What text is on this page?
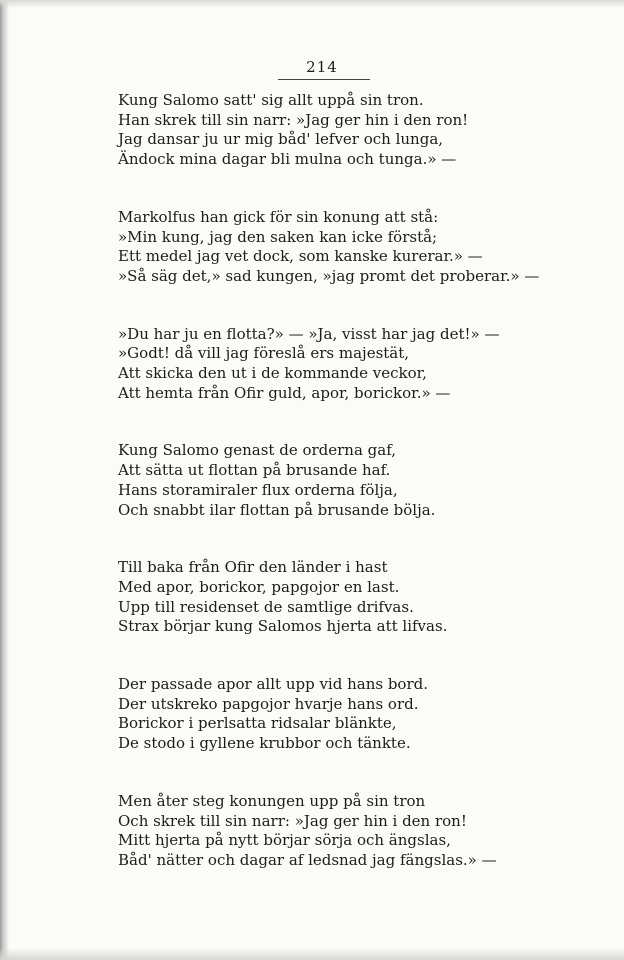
214
Kung Salomo satt' sig allt uppå sin tron.
Han skrek till sin narr: »Jag ger hin i den ron!
Jag dansar ju ur mig båd' lefver och lunga,
Ändock mina dagar bli mulna och tunga.» —
Markolfus han gick för sin konung att stå:
»Min kung, jag den saken kan icke förstå;
Ett medel jag vet dock, som kanske kurerar.» —
»Så säg det,» sad kungen, »jag promt det proberar.» —
»Du har ju en flotta?» — »Ja, visst har jag det!» —
»Godt! då vill jag föreslå ers majestät,
Att skicka den ut i de kommande veckor,
Att hemta från Ofir guld, apor, borickor.» —
Kung Salomo genast de orderna gaf,
Att sätta ut flottan på brusande haf.
Hans storamiraler flux orderna följa,
Och snabbt ilar flottan på brusande bölja.
Till baka från Ofir den länder i hast
Med apor, borickor, papgojor en last.
Upp till residenset de samtlige drifvas.
Strax börjar kung Salomos hjerta att lifvas.
Der passade apor allt upp vid hans bord.
Der utskreko papgojor hvarje hans ord.
Borickor i perlsatta ridsalar blänkte,
De stodo i gyllene krubbor och tänkte.
Men åter steg konungen upp på sin tron
Och skrek till sin narr: »Jag ger hin i den ron!
Mitt hjerta på nytt börjar sörja och ängslas,
Båd' nätter och dagar af ledsnad jag fängslas.» —
